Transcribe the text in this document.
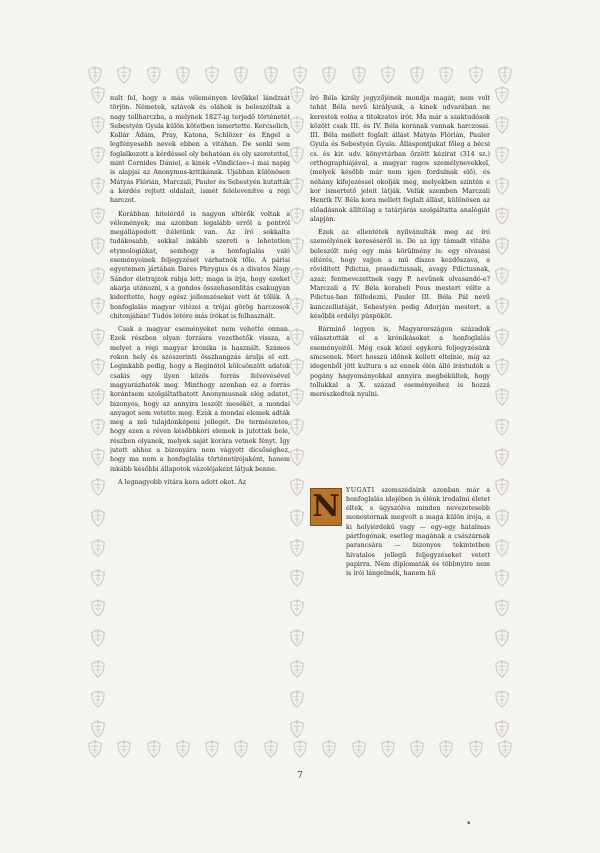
nult fel, hogy a más véleményen lévőkkel lándzsát törjön. Németek, szlávok és oláhok is beleszóltak a nagy tollharczba, a melynek 1827-ig terjedő történetét Sebestyén Gyula külön kötetben ismertette. Kercselich, Kollár Ádám, Pray, Katona, Schlözer és Engel a legfényesebb nevek ebben a vitában. De senki sem foglalkozott a kérdéssel oly behatóan és oly szeretettel, mint Cornides Dániel, a kinek «Vindiciae»-i mai napig is alapjai az Anonymus-kritikának. Ujabban különösen Mátyás Flórián, Marczali, Pauler és Sebestyén kutatták a kérdés rejtett oldalait, ismét felelevenítve a régi harczot.

Korábban hitelérdő is nagyon eltérők voltak a vélemények; ma azonban legalább erről a pontról megállapodott ítéletünk van. Az író sokkalta tudákosabb, sokkal inkább szereti a lehetetlen etymologiákat, semhogy a honfoglalás való eseményeinek feljegyzését várhatnók tőle. A párisi egyetemen jártában Dares Phrygius és a divatos Nagy Sándor életrajzok rabja lett; maga is írja, hogy ezeket akarja utánozni, s a gondos összehasonlítás csakugyan kiderítette, hogy egész jellemzéseket vett át tőlük. A honfoglalás magyar vitézei a trójai görög harczosok chitonjában! Tudós létére más írókat is felhasznált.

Csak a magyar eseményeket nem vehette onnan. Ezek részben olyan forrásra vezethetők vissza, a melyet a régi magyar krónika is használt. Számos rokon hely és szószerinti összhangzás árulja el ezt. Leginkább pedig, hogy a Reginótól kölcsönzött adatok csakis egy ilyen közös forrás felvevésével magyarázhatók meg. Minthogy azonban ez a forrás korántsem szolgáltathatott Anonymusnak elég adatot, bizonyos, hogy az annyira leszólt mesékét, a mondai anyagot sem vetette meg. Ezek a mondai elemek adták meg a mű tulajdonképeni jellegét. De természetes, hogy ezen a réven későbbkori elemek is jutottak bele, részben olyanok, melyek saját korára vetnek fényt. Így jutott ahhoz a bizonyára nem vágyott dicsőséghez, hogy ma nem a honfoglalás történetírójaként, hanem inkább későbbi állapotok vázolójaként látjuk benne.

A legnagyobb vitára kora adott okot. Az

író Béla király jegyzőjének mondja magát; nem volt tehát Béla nevű királyunk, a kinek udvarában ne kerestek volna a titokzatos írót. Ma már a szaktudósok között csak III. és IV. Béla korának vannak harczosai. III. Béla mellett foglalt állást Mátyás Flórián, Pauler Gyula és Sebestyén Gyula. Álláspontjukat főleg a bécsi cs. és kir. udv. könyvtárban őrzött kézirat (314 sz.) orthographiájával, a magyar ragos személynevekkel, (melyek később már nem igen fordulnak elő), és néhány kifejezéssel okolják meg, melyekben szintén e kor ismertető jeleit látják. Velük szemben Marczali Henrik IV. Béla kora mellett foglalt állást, különösen az előadásnak állítólag a tatárjárás szolgáltatta analógiát alapján.

Ezek az ellentétek nyilvánulták meg az író személyének kereséséről is. De az így támadt vitába beleszólt még egy más körülmény is: egy olvasási eltérés, hogy vajjon a mű díszes kezdőszava, a rövidített Pdictus, praedictusnak, avagy Pdictusnak, azaz: fentnevezettnek vagy P. nevűnek olvasandó-e? Marczali a IV. Béla korabeli Pous mestert vélte a Pdictus-ban fölfedezni, Pauler III. Béla Pál nevű kanczellistáját, Sebestyén pedig Adorján mestert, a későbbi erdélyi püspököt.

Bárminő legyen is, Magyarországon századok választották el a krónikásokat a honfoglalás eseményeitől. Még csak közel egykorú feljegyzésünk sincsenek. Mert hosszú időnek kellett eltelnie, míg az idegenből jött kultura s az ennek élén álló írástudók a pogány hagyományokkal annyira megbékültek, hogy tollukkal a X. század eseményeihez is hozzá merészkedtek nyulni.

N YUGATI szomszédaink azonban már a honfoglalás idejében is élénk irodalmi életet éltek, s ügyszólva minden nevezetesebb monostornak megvolt a maga külön írója, a ki helyiérdekű vagy — egy-egy hatalmas pártfogónak, esetleg magának a császárnak parancsára — bizonyos tekintetben hivatalos jellegű feljegyzéseket vetett papirra. Nem diplomaták és többnyire nem is írói lángelmék, hanem hű
7
▪
